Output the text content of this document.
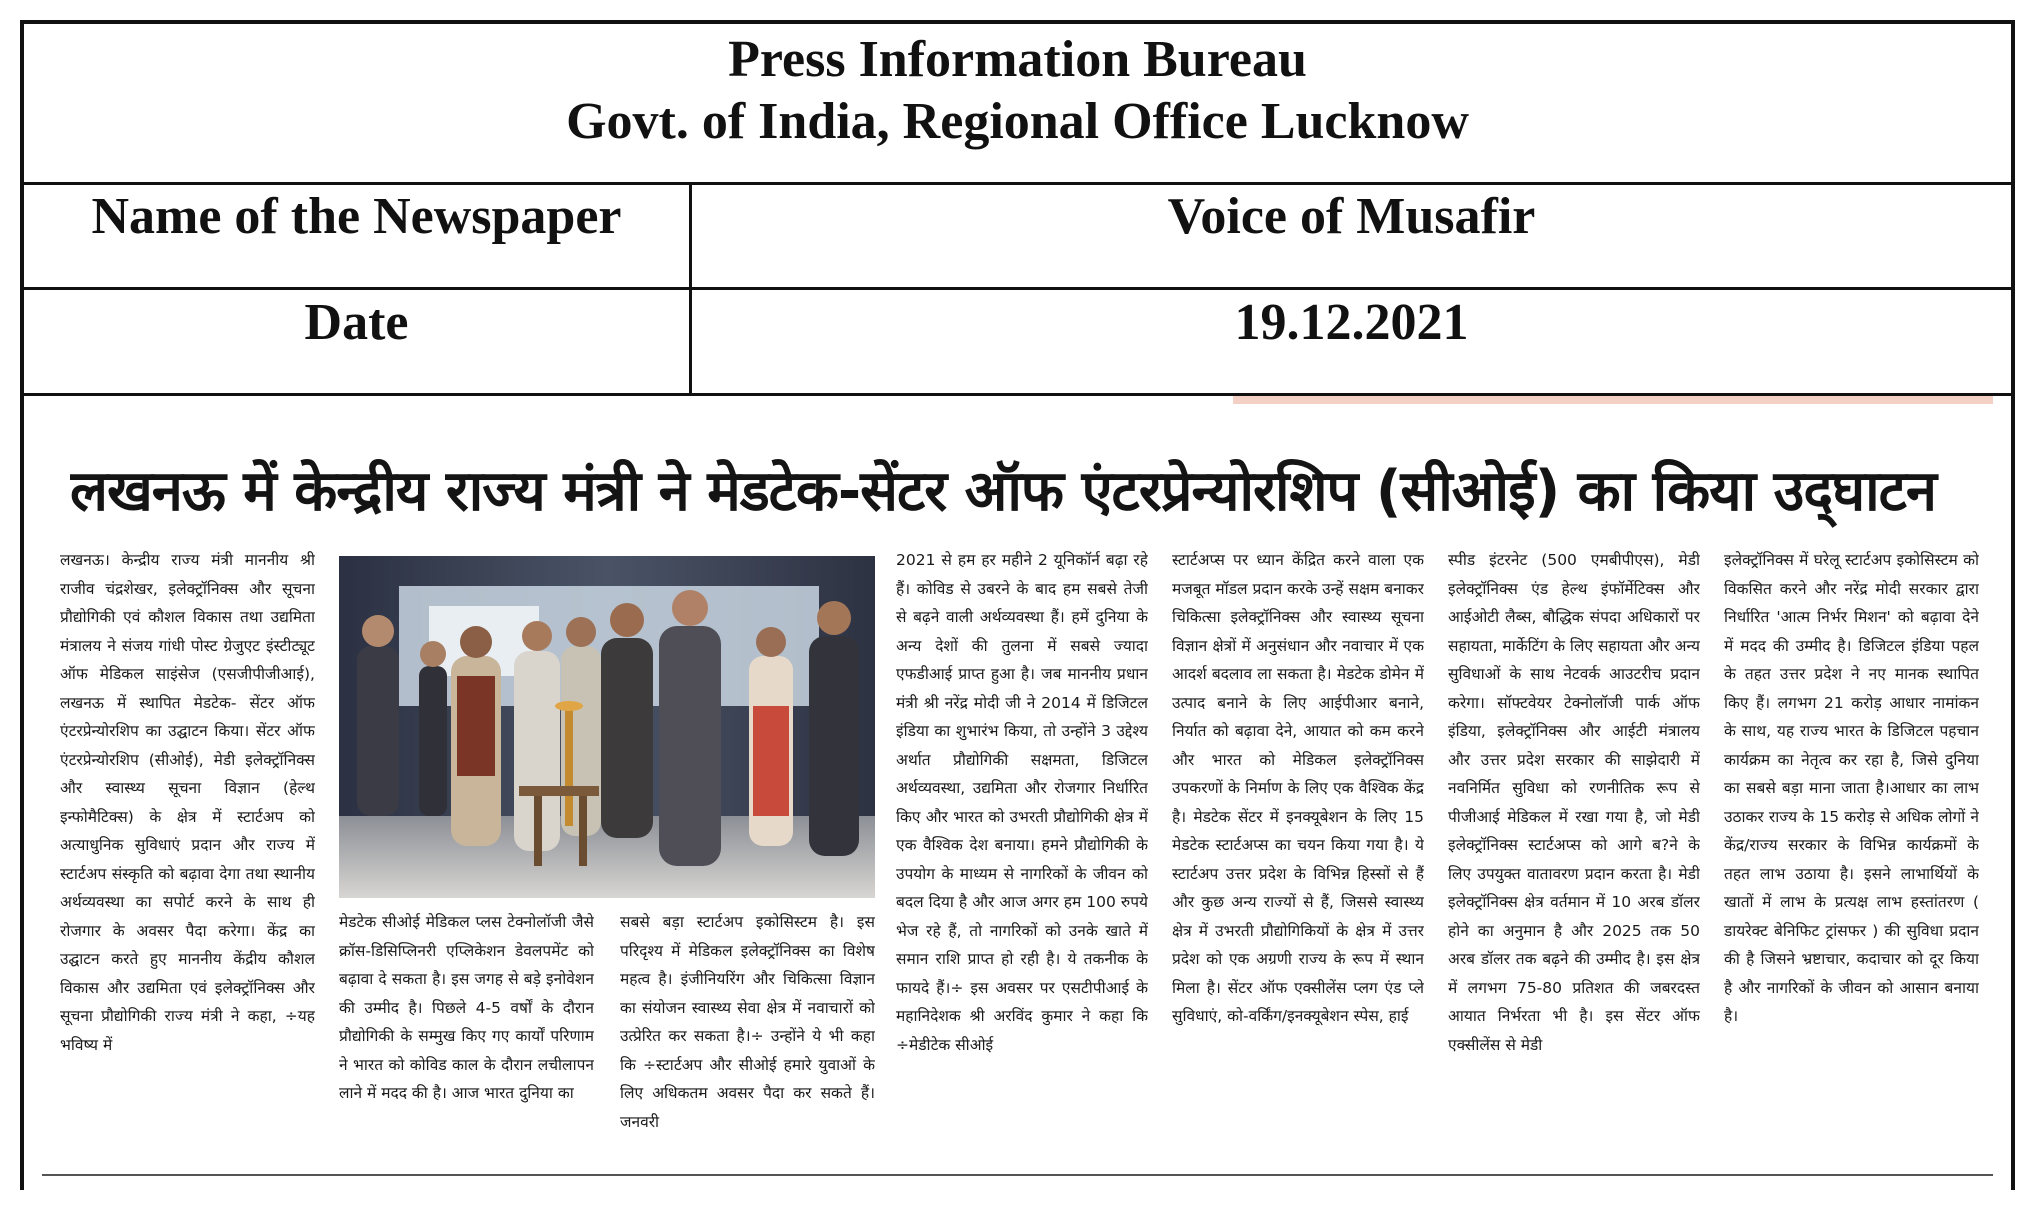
Press Information Bureau
Govt. of India, Regional Office Lucknow
Name of the Newspaper	Voice of Musafir
Date	19.12.2021
लखनऊ में केन्द्रीय राज्य मंत्री ने मेडटेक-सेंटर ऑफ एंटरप्रेन्योरशिप (सीओई) का किया उद्‌घाटन
लखनऊ। केन्द्रीय राज्य मंत्री माननीय श्री राजीव चंद्रशेखर, इलेक्ट्रॉनिक्स और सूचना प्रौद्योगिकी एवं कौशल विकास तथा उद्यमिता मंत्रालय ने संजय गांधी पोस्ट ग्रेजुएट इंस्टीट्यूट ऑफ मेडिकल साइंसेज (एसजीपीजीआई), लखनऊ में स्थापित मेडटेक- सेंटर ऑफ एंटरप्रेन्योरशिप का उद्घाटन किया। सेंटर ऑफ एंटरप्रेन्योरशिप (सीओई), मेडी इलेक्ट्रॉनिक्स और स्वास्थ्य सूचना विज्ञान (हेल्थ इन्फोमैटिक्स) के क्षेत्र में स्टार्टअप को अत्याधुनिक सुविधाएं प्रदान और राज्य में स्टार्टअप संस्कृति को बढ़ावा देगा तथा स्थानीय अर्थव्यवस्था का सपोर्ट करने के साथ ही रोजगार के अवसर पैदा करेगा। केंद्र का उद्घाटन करते हुए माननीय केंद्रीय कौशल विकास और उद्यमिता एवं इलेक्ट्रॉनिक्स और सूचना प्रौद्योगिकी राज्य मंत्री ने कहा, ÷यह भविष्य में
मेडटेक सीओई मेडिकल प्लस टेक्नोलॉजी जैसे क्रॉस-डिसिप्लिनरी एप्लिकेशन डेवलपमेंट को बढ़ावा दे सकता है। इस जगह से बड़े इनोवेशन की उम्मीद है। पिछले 4-5 वर्षों के दौरान प्रौद्योगिकी के सम्मुख किए गए कार्यों परिणाम ने भारत को कोविड काल के दौरान लचीलापन लाने में मदद की है। आज भारत दुनिया का
सबसे बड़ा स्टार्टअप इकोसिस्टम है। इस परिदृश्य में मेडिकल इलेक्ट्रॉनिक्स का विशेष महत्व है। इंजीनियरिंग और चिकित्सा विज्ञान का संयोजन स्वास्थ्य सेवा क्षेत्र में नवाचारों को उत्प्रेरित कर सकता है।÷ उन्होंने ये भी कहा कि ÷स्टार्टअप और सीओई हमारे युवाओं के लिए अधिकतम अवसर पैदा कर सकते हैं। जनवरी
2021 से हम हर महीने 2 यूनिकॉर्न बढ़ा रहे हैं। कोविड से उबरने के बाद हम सबसे तेजी से बढ़ने वाली अर्थव्यवस्था हैं। हमें दुनिया के अन्य देशों की तुलना में सबसे ज्यादा एफडीआई प्राप्त हुआ है। जब माननीय प्रधान मंत्री श्री नरेंद्र मोदी जी ने 2014 में डिजिटल इंडिया का शुभारंभ किया, तो उन्होंने 3 उद्देश्य अर्थात प्रौद्योगिकी सक्षमता, डिजिटल अर्थव्यवस्था, उद्यमिता और रोजगार निर्धारित किए और भारत को उभरती प्रौद्योगिकी क्षेत्र में एक वैश्विक देश बनाया। हमने प्रौद्योगिकी के उपयोग के माध्यम से नागरिकों के जीवन को बदल दिया है और आज अगर हम 100 रुपये भेज रहे हैं, तो नागरिकों को उनके खाते में समान राशि प्राप्त हो रही है। ये तकनीक के फायदे हैं।÷ इस अवसर पर एसटीपीआई के महानिदेशक श्री अरविंद कुमार ने कहा कि ÷मेडीटेक सीओई
स्टार्टअप्स पर ध्यान केंद्रित करने वाला एक मजबूत मॉडल प्रदान करके उन्हें सक्षम बनाकर चिकित्सा इलेक्ट्रॉनिक्स और स्वास्थ्य सूचना विज्ञान क्षेत्रों में अनुसंधान और नवाचार में एक आदर्श बदलाव ला सकता है। मेडटेक डोमेन में उत्पाद बनाने के लिए आईपीआर बनाने, निर्यात को बढ़ावा देने, आयात को कम करने और भारत को मेडिकल इलेक्ट्रॉनिक्स उपकरणों के निर्माण के लिए एक वैश्विक केंद्र है। मेडटेक सेंटर में इनक्यूबेशन के लिए 15 मेडटेक स्टार्टअप्स का चयन किया गया है। ये स्टार्टअप उत्तर प्रदेश के विभिन्न हिस्सों से हैं और कुछ अन्य राज्यों से हैं, जिससे स्वास्थ्य क्षेत्र में उभरती प्रौद्योगिकियों के क्षेत्र में उत्तर प्रदेश को एक अग्रणी राज्य के रूप में स्थान मिला है। सेंटर ऑफ एक्सीलेंस प्लग एंड प्ले सुविधाएं, को-वर्किंग/इनक्यूबेशन स्पेस, हाई
स्पीड इंटरनेट (500 एमबीपीएस), मेडी इलेक्ट्रॉनिक्स एंड हेल्थ इंफॉर्मेटिक्स और आईओटी लैब्स, बौद्धिक संपदा अधिकारों पर सहायता, मार्केटिंग के लिए सहायता और अन्य सुविधाओं के साथ नेटवर्क आउटरीच प्रदान करेगा। सॉफ्टवेयर टेक्नोलॉजी पार्क ऑफ इंडिया, इलेक्ट्रॉनिक्स और आईटी मंत्रालय और उत्तर प्रदेश सरकार की साझेदारी में नवनिर्मित सुविधा को रणनीतिक रूप से पीजीआई मेडिकल में रखा गया है, जो मेडी इलेक्ट्रॉनिक्स स्टार्टअप्स को आगे ब?ने के लिए उपयुक्त वातावरण प्रदान करता है। मेडी इलेक्ट्रॉनिक्स क्षेत्र वर्तमान में 10 अरब डॉलर होने का अनुमान है और 2025 तक 50 अरब डॉलर तक बढ़ने की उम्मीद है। इस क्षेत्र में लगभग 75-80 प्रतिशत की जबरदस्त आयात निर्भरता भी है। इस सेंटर ऑफ एक्सीलेंस से मेडी
इलेक्ट्रॉनिक्स में घरेलू स्टार्टअप इकोसिस्टम को विकसित करने और नरेंद्र मोदी सरकार द्वारा निर्धारित 'आत्म निर्भर मिशन' को बढ़ावा देने में मदद की उम्मीद है। डिजिटल इंडिया पहल के तहत उत्तर प्रदेश ने नए मानक स्थापित किए हैं। लगभग 21 करोड़ आधार नामांकन के साथ, यह राज्य भारत के डिजिटल पहचान कार्यक्रम का नेतृत्व कर रहा है, जिसे दुनिया का सबसे बड़ा माना जाता है।आधार का लाभ उठाकर राज्य के 15 करोड़ से अधिक लोगों ने केंद्र/राज्य सरकार के विभिन्न कार्यक्रमों के तहत लाभ उठाया है। इसने लाभार्थियों के खातों में लाभ के प्रत्यक्ष लाभ हस्तांतरण ( डायरेक्ट बेनिफिट ट्रांसफर ) की सुविधा प्रदान की है जिसने भ्रष्टाचार, कदाचार को दूर किया है और नागरिकों के जीवन को आसान बनाया है।
